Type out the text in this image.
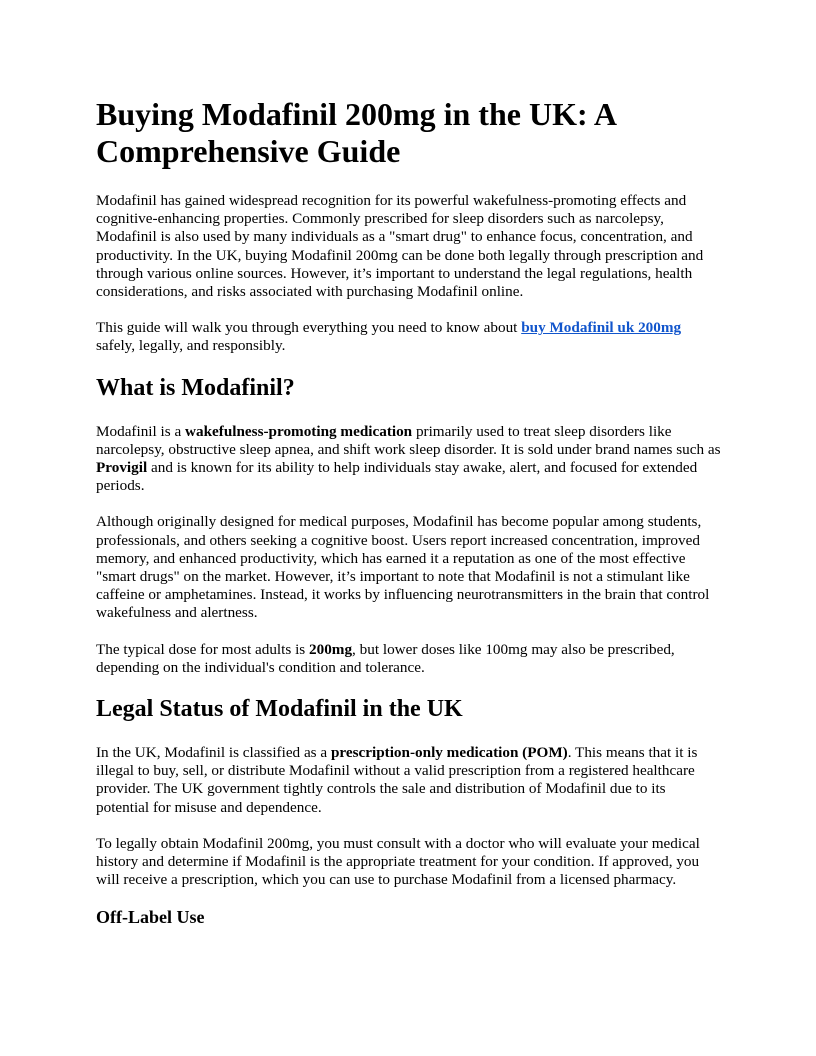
Buying Modafinil 200mg in the UK: A Comprehensive Guide

Modafinil has gained widespread recognition for its powerful wakefulness-promoting effects and cognitive-enhancing properties. Commonly prescribed for sleep disorders such as narcolepsy, Modafinil is also used by many individuals as a "smart drug" to enhance focus, concentration, and productivity. In the UK, buying Modafinil 200mg can be done both legally through prescription and through various online sources. However, it’s important to understand the legal regulations, health considerations, and risks associated with purchasing Modafinil online.

This guide will walk you through everything you need to know about buy Modafinil uk 200mg safely, legally, and responsibly.

What is Modafinil?

Modafinil is a wakefulness-promoting medication primarily used to treat sleep disorders like narcolepsy, obstructive sleep apnea, and shift work sleep disorder. It is sold under brand names such as Provigil and is known for its ability to help individuals stay awake, alert, and focused for extended periods.

Although originally designed for medical purposes, Modafinil has become popular among students, professionals, and others seeking a cognitive boost. Users report increased concentration, improved memory, and enhanced productivity, which has earned it a reputation as one of the most effective "smart drugs" on the market. However, it’s important to note that Modafinil is not a stimulant like caffeine or amphetamines. Instead, it works by influencing neurotransmitters in the brain that control wakefulness and alertness.

The typical dose for most adults is 200mg, but lower doses like 100mg may also be prescribed, depending on the individual's condition and tolerance.

Legal Status of Modafinil in the UK

In the UK, Modafinil is classified as a prescription-only medication (POM). This means that it is illegal to buy, sell, or distribute Modafinil without a valid prescription from a registered healthcare provider. The UK government tightly controls the sale and distribution of Modafinil due to its potential for misuse and dependence.

To legally obtain Modafinil 200mg, you must consult with a doctor who will evaluate your medical history and determine if Modafinil is the appropriate treatment for your condition. If approved, you will receive a prescription, which you can use to purchase Modafinil from a licensed pharmacy.

Off-Label Use
